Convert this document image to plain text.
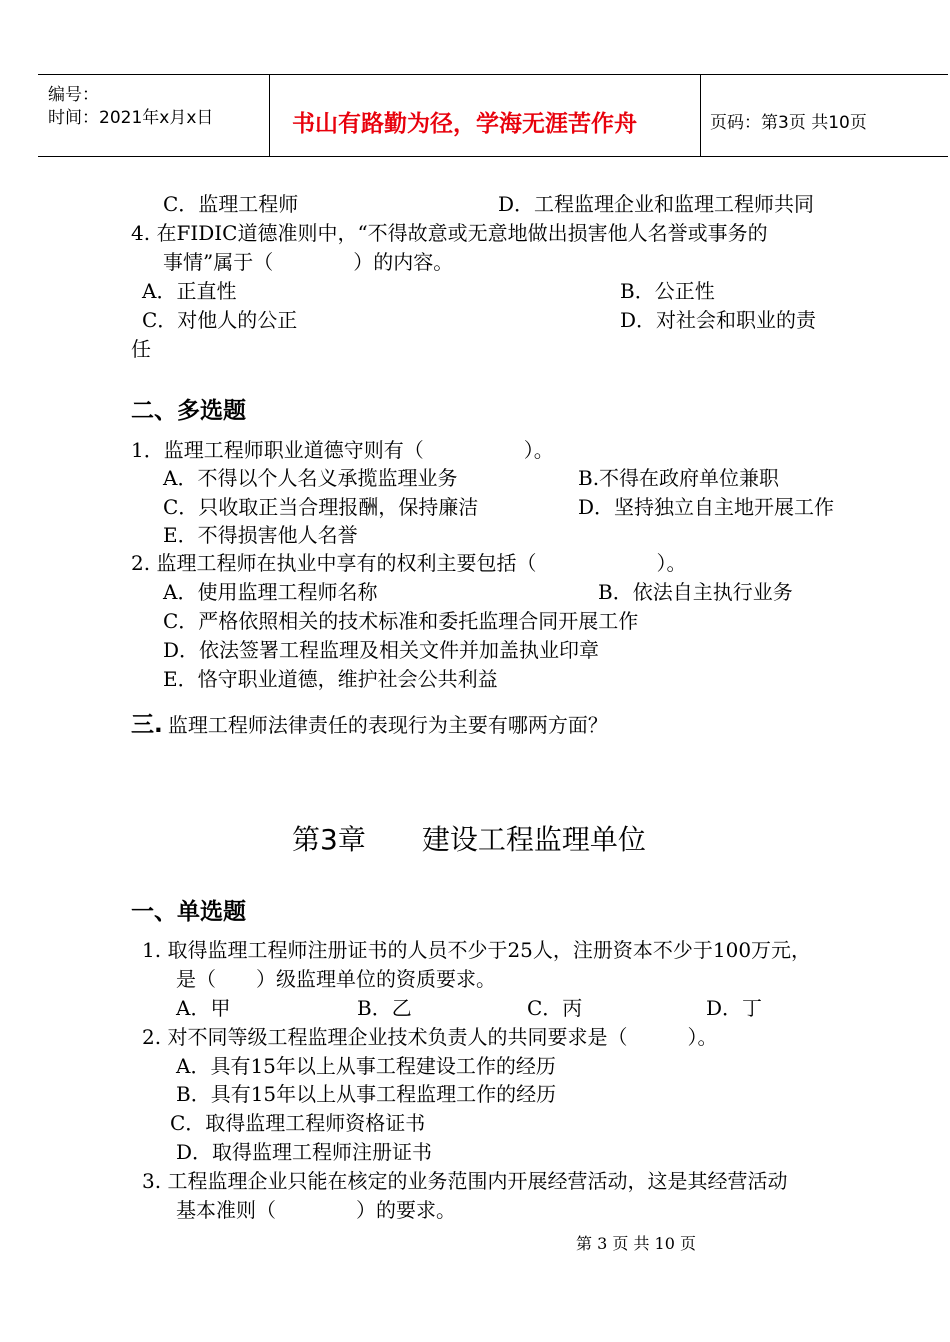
编号：
时间：2021年x月x日	书山有路勤为径，学海无涯苦作舟	页码：第3页 共10页
C．监理工程师	D．工程监理企业和监理工程师共同
4. 在FIDIC道德准则中，“不得故意或无意地做出损害他人名誉或事务的
事情”属于（　　　　）的内容。
A．正直性	B．公正性
C．对他人的公正	D．对社会和职业的责
任
二、多选题
1．监理工程师职业道德守则有（　　　　　）。
A．不得以个人名义承揽监理业务	B.不得在政府单位兼职
C．只收取正当合理报酬，保持廉洁	D．坚持独立自主地开展工作
E．不得损害他人名誉
2. 监理工程师在执业中享有的权利主要包括（　　　　　　）。
A．使用监理工程师名称	B．依法自主执行业务
C．严格依照相关的技术标准和委托监理合同开展工作
D．依法签署工程监理及相关文件并加盖执业印章
E．恪守职业道德，维护社会公共利益
三. 监理工程师法律责任的表现行为主要有哪两方面？
第3章　　建设工程监理单位
一、单选题
1. 取得监理工程师注册证书的人员不少于25人，注册资本不少于100万元，
是（　　）级监理单位的资质要求。
A．甲	B．乙	C．丙	D．丁
2. 对不同等级工程监理企业技术负责人的共同要求是（　　　）。
A．具有15年以上从事工程建设工作的经历
B．具有15年以上从事工程监理工作的经历
C．取得监理工程师资格证书
D．取得监理工程师注册证书
3. 工程监理企业只能在核定的业务范围内开展经营活动，这是其经营活动
基本准则（　　　　）的要求。
第 3 页 共 10 页
